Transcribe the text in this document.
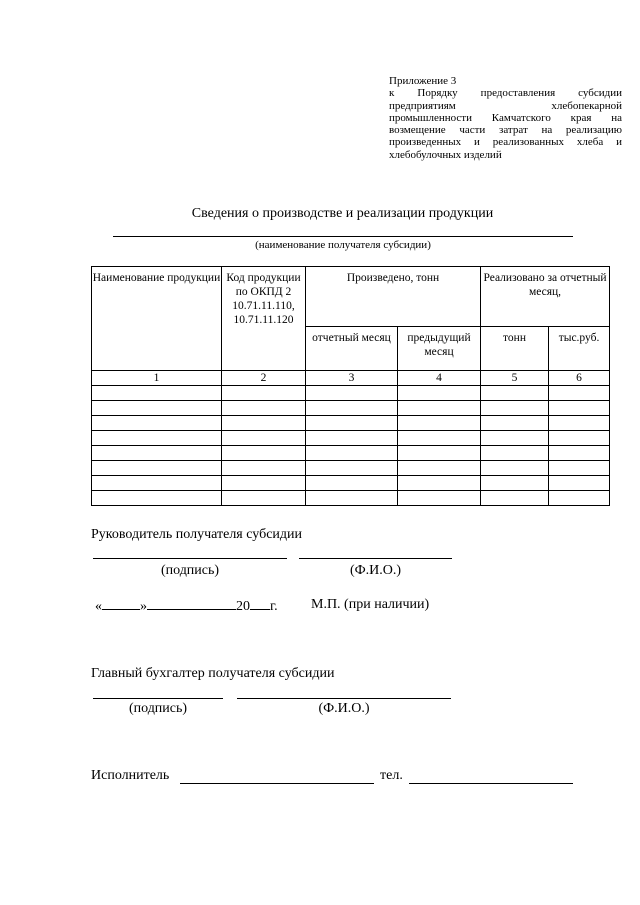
Приложение 3
к Порядку предоставления субсидии
предприятиям хлебопекарной
промышленности Камчатского края на
возмещение части затрат на реализацию
произведенных и реализованных хлеба и
хлебобулочных изделий
Сведения о производстве и реализации продукции
(наименование получателя субсидии)
Наименование продукции	Код продукции по ОКПД 2 10.71.11.110, 10.71.11.120	Произведено, тонн		Реализовано за отчетный месяц,	
		отчетный месяц	предыдущий месяц	тонн	тыс.руб.
1	2	3	4	5	6

Руководитель получателя субсидии
(подпись)	(Ф.И.О.)
«	»	20 г. М.П. (при наличии)
Главный бухгалтер получателя субсидии
(подпись)	(Ф.И.О.)
Исполнитель	тел.
